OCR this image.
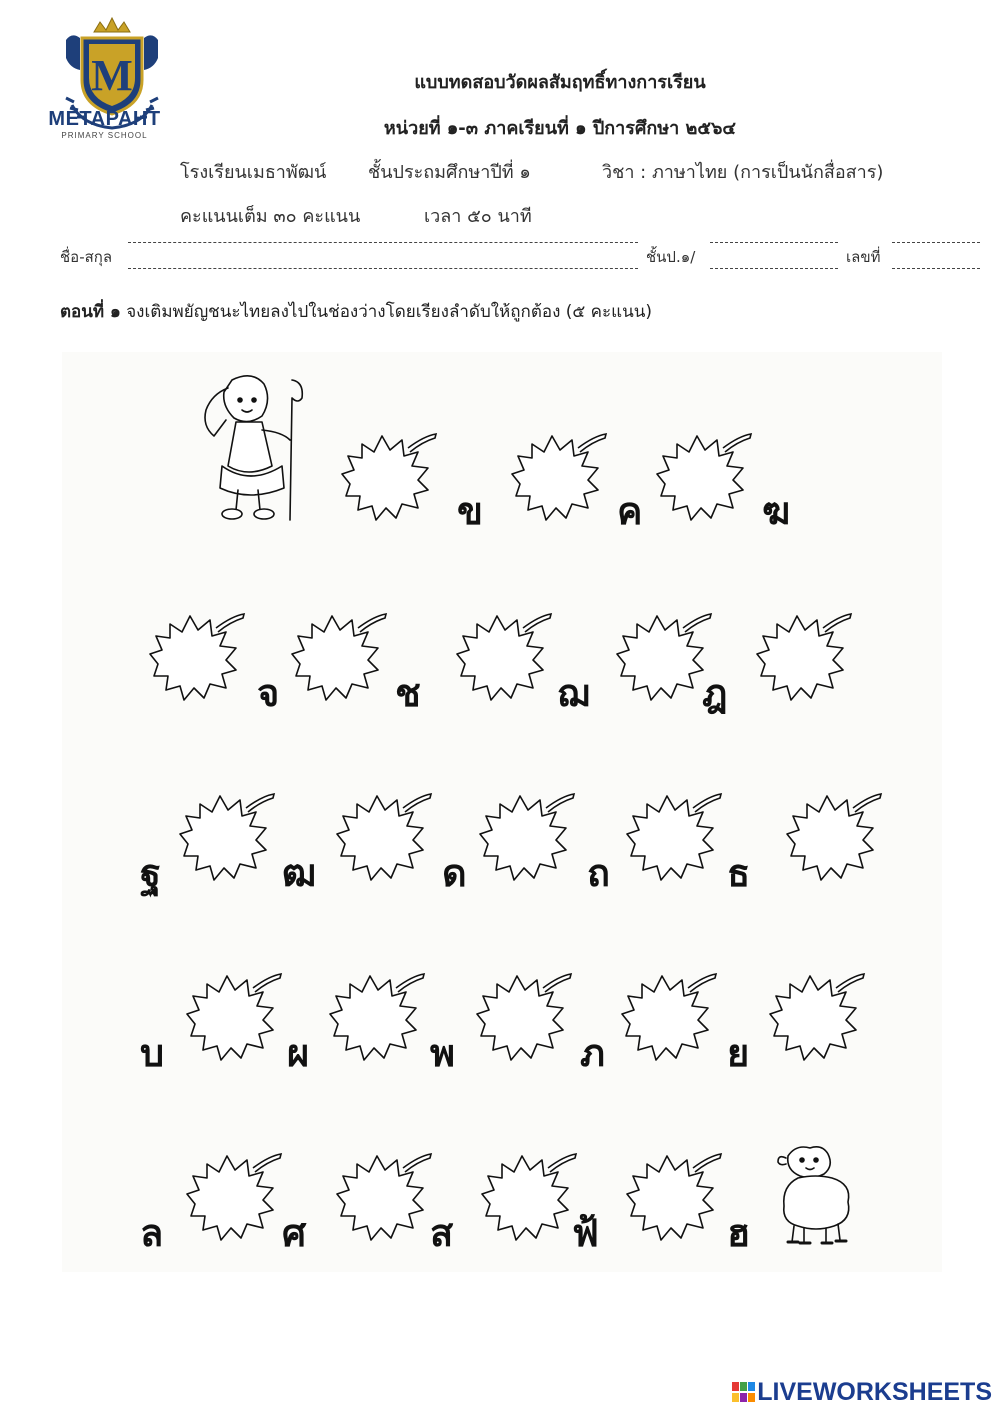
M
METAPAHT
PRIMARY SCHOOL
แบบทดสอบวัดผลสัมฤทธิ์ทางการเรียน
หน่วยที่ ๑-๓ ภาคเรียนที่ ๑ ปีการศึกษา ๒๕๖๔
โรงเรียนเมธาพัฒน์ ชั้นประถมศึกษาปีที่ ๑	วิชา : ภาษาไทย (การเป็นนักสื่อสาร)
คะแนนเต็ม ๓๐ คะแนน	เวลา ๕๐ นาที
ชื่อ-สกุล	ชั้นป.๑/	เลขที่
ตอนที่ ๑ จงเติมพยัญชนะไทยลงไปในช่องว่างโดยเรียงลำดับให้ถูกต้อง (๕ คะแนน)
ข	ค	ฆ
จ	ช	ฌ	ฎ
ฐ	ฒ	ด	ถ	ธ
บ	ผ	พ	ภ	ย
ล	ศ	ส	ฟ้	ฮ
LIVEWORKSHEETS
